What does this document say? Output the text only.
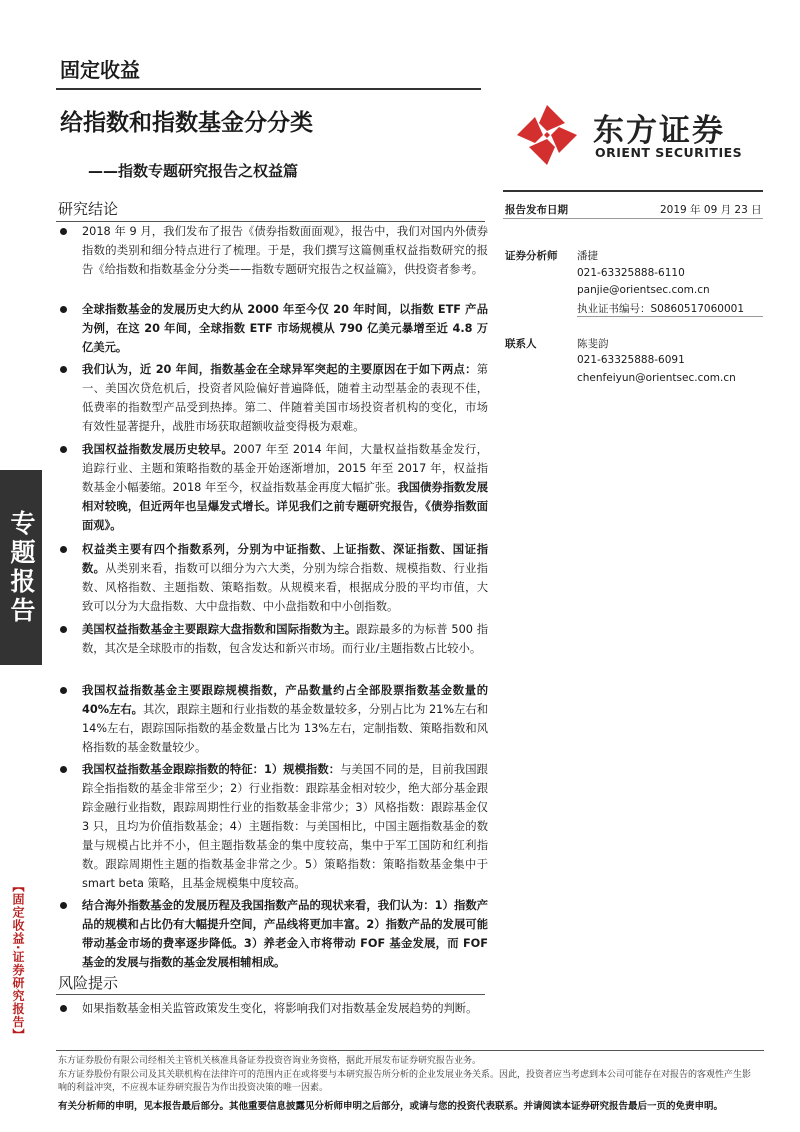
专题报告
【固定收益·证券研究报告】
固定收益
给指数和指数基金分分类
——指数专题研究报告之权益篇
东方证券
ORIENT SECURITIES
报告发布日期	2019 年 09 月 23 日
证券分析师 潘捷
021-63325888-6110
panjie@orientsec.com.cn
执业证书编号：S0860517060001
联系人	陈斐韵
021-63325888-6091
chenfeiyun@orientsec.com.cn
研究结论
2018 年 9 月，我们发布了报告《债券指数面面观》，报告中，我们对国内外债券指数的类别和细分特点进行了梳理。于是，我们撰写这篇侧重权益指数研究的报告《给指数和指数基金分分类——指数专题研究报告之权益篇》，供投资者参考。
全球指数基金的发展历史大约从 2000 年至今仅 20 年时间，以指数 ETF 产品为例，在这 20 年间，全球指数 ETF 市场规模从 790 亿美元暴增至近 4.8 万亿美元。
我们认为，近 20 年间，指数基金在全球异军突起的主要原因在于如下两点：第一、美国次贷危机后，投资者风险偏好普遍降低，随着主动型基金的表现不佳，低费率的指数型产品受到热捧。第二、伴随着美国市场投资者机构的变化，市场有效性显著提升，战胜市场获取超额收益变得极为艰难。
我国权益指数发展历史较早。2007 年至 2014 年间，大量权益指数基金发行，追踪行业、主题和策略指数的基金开始逐渐增加，2015 年至 2017 年，权益指数基金小幅萎缩。2018 年至今，权益指数基金再度大幅扩张。我国债券指数发展相对较晚，但近两年也呈爆发式增长。详见我们之前专题研究报告，《债券指数面面观》。
权益类主要有四个指数系列，分别为中证指数、上证指数、深证指数、国证指数。从类别来看，指数可以细分为六大类，分别为综合指数、规模指数、行业指数、风格指数、主题指数、策略指数。从规模来看，根据成分股的平均市值，大致可以分为大盘指数、大中盘指数、中小盘指数和中小创指数。
美国权益指数基金主要跟踪大盘指数和国际指数为主。跟踪最多的为标普 500 指数，其次是全球股市的指数，包含发达和新兴市场。而行业/主题指数占比较小。
我国权益指数基金主要跟踪规模指数，产品数量约占全部股票指数基金数量的 40%左右。其次，跟踪主题和行业指数的基金数量较多，分别占比为 21%左右和 14%左右，跟踪国际指数的基金数量占比为 13%左右，定制指数、策略指数和风格指数的基金数量较少。
我国权益指数基金跟踪指数的特征：1）规模指数：与美国不同的是，目前我国跟踪全指指数的基金非常至少；2）行业指数：跟踪基金相对较少，绝大部分基金跟踪金融行业指数，跟踪周期性行业的指数基金非常少；3）风格指数：跟踪基金仅 3 只，且均为价值指数基金；4）主题指数：与美国相比，中国主题指数基金的数量与规模占比并不小，但主题指数基金的集中度较高，集中于军工国防和红利指数。跟踪周期性主题的指数基金非常之少。5）策略指数：策略指数基金集中于 smart beta 策略，且基金规模集中度较高。
结合海外指数基金的发展历程及我国指数产品的现状来看，我们认为：1）指数产品的规模和占比仍有大幅提升空间，产品线将更加丰富。2）指数产品的发展可能带动基金市场的费率逐步降低。3）养老金入市将带动 FOF 基金发展，而 FOF 基金的发展与指数的基金发展相辅相成。
风险提示
如果指数基金相关监管政策发生变化，将影响我们对指数基金发展趋势的判断。
东方证券股份有限公司经相关主管机关核准具备证券投资咨询业务资格，据此开展发布证券研究报告业务。
东方证券股份有限公司及其关联机构在法律许可的范围内正在或将要与本研究报告所分析的企业发展业务关系。因此，投资者应当考虑到本公司可能存在对报告的客观性产生影响的利益冲突，不应视本证券研究报告为作出投资决策的唯一因素。
有关分析师的申明，见本报告最后部分。其他重要信息披露见分析师申明之后部分，或请与您的投资代表联系。并请阅读本证券研究报告最后一页的免责申明。
